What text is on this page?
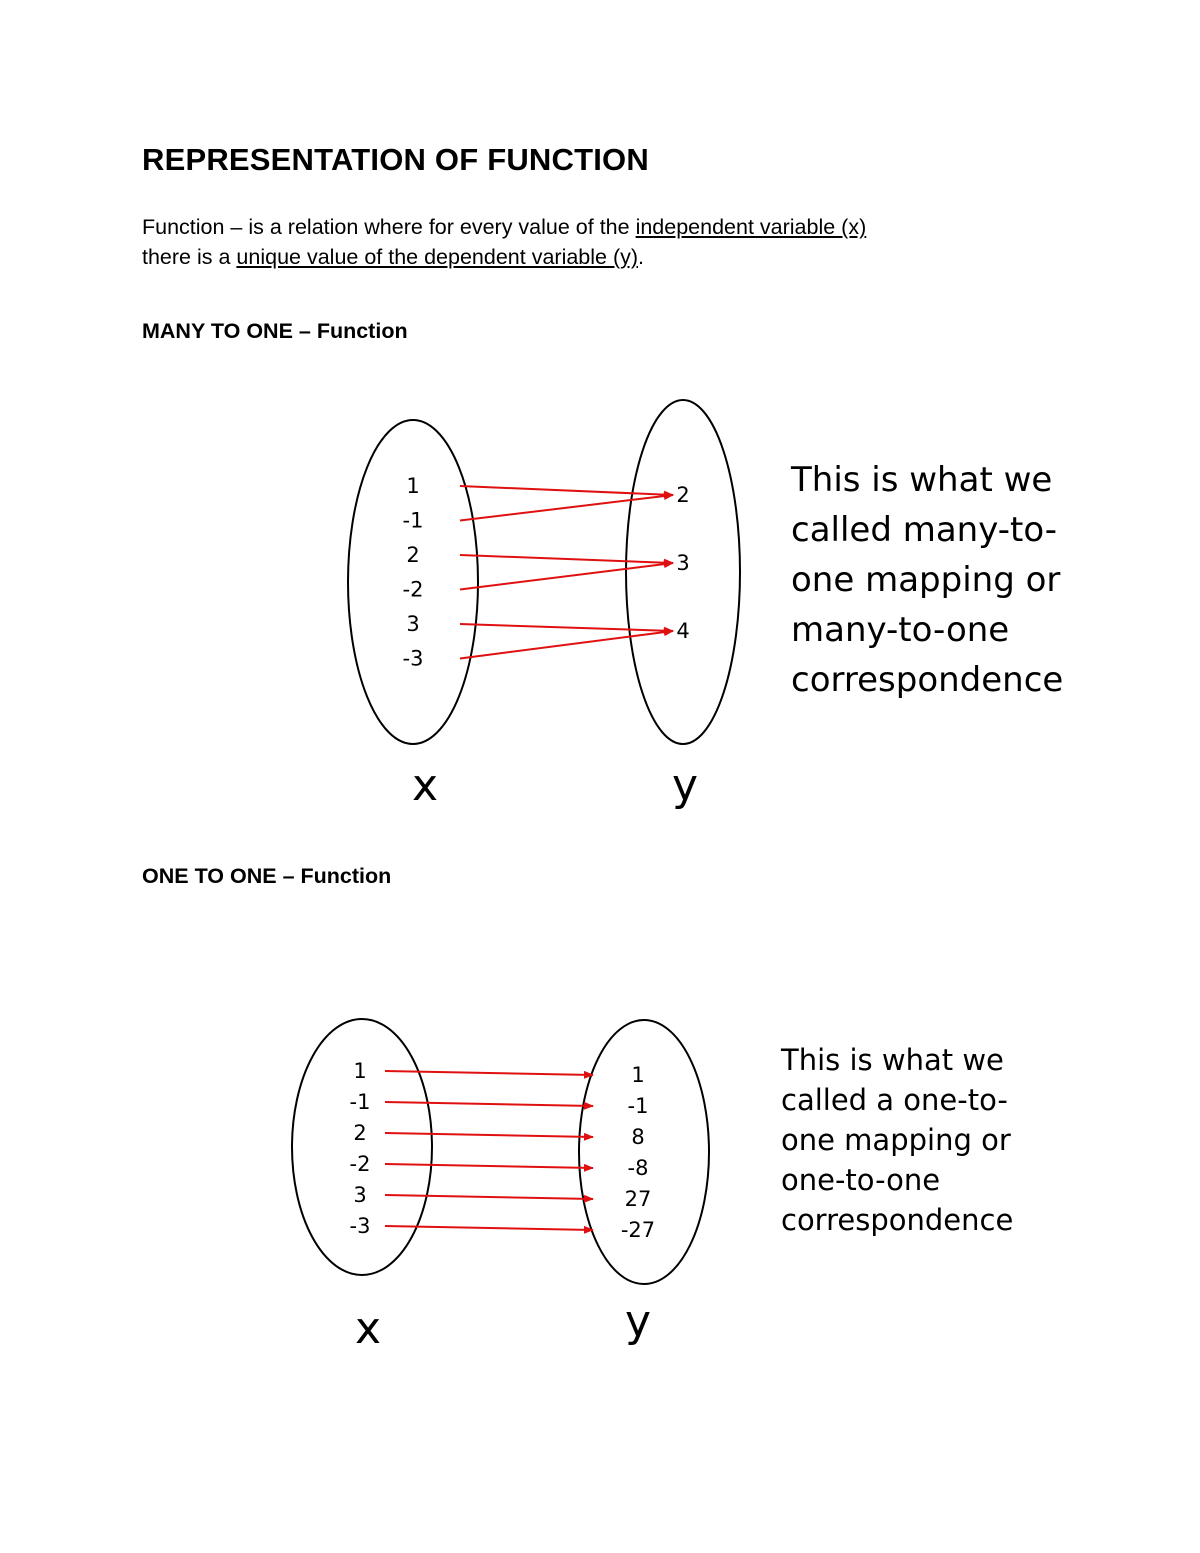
REPRESENTATION OF FUNCTION

Function – is a relation where for every value of the independent variable (x)
there is a unique value of the dependent variable (y).

MANY TO ONE – Function
1
-1
2
-2
3
-3
2
3
4
x	y
This is what we
called many-to-
one mapping or
many-to-one
correspondence
ONE TO ONE – Function
1
-1
2
-2
3
-3
1
-1
8
-8
27
-27
x	y
This is what we
called a one-to-
one mapping or
one-to-one
correspondence
